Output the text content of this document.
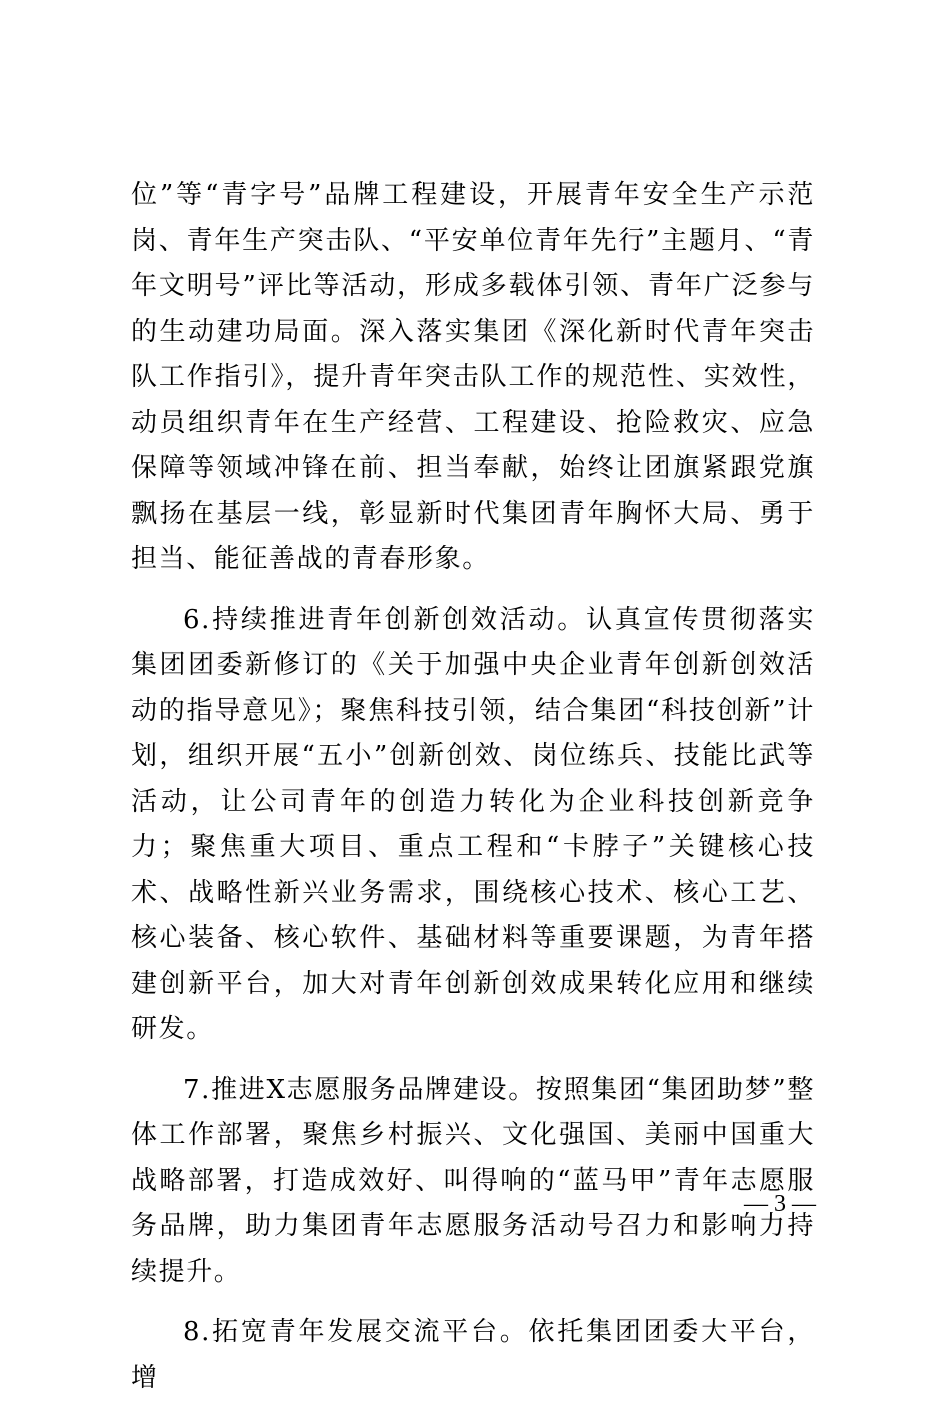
位”等“青字号”品牌工程建设，开展青年安全生产示范岗、青年生产突击队、“平安单位青年先行”主题月、“青年文明号”评比等活动，形成多载体引领、青年广泛参与的生动建功局面。深入落实集团《深化新时代青年突击队工作指引》，提升青年突击队工作的规范性、实效性，动员组织青年在生产经营、工程建设、抢险救灾、应急保障等领域冲锋在前、担当奉献，始终让团旗紧跟党旗飘扬在基层一线，彰显新时代集团青年胸怀大局、勇于担当、能征善战的青春形象。

6.持续推进青年创新创效活动。认真宣传贯彻落实集团团委新修订的《关于加强中央企业青年创新创效活动的指导意见》；聚焦科技引领，结合集团“科技创新”计划，组织开展“五小”创新创效、岗位练兵、技能比武等活动，让公司青年的创造力转化为企业科技创新竞争力；聚焦重大项目、重点工程和“卡脖子”关键核心技术、战略性新兴业务需求，围绕核心技术、核心工艺、核心装备、核心软件、基础材料等重要课题，为青年搭建创新平台，加大对青年创新创效成果转化应用和继续研发。

7.推进X志愿服务品牌建设。按照集团“集团助梦”整体工作部署，聚焦乡村振兴、文化强国、美丽中国重大战略部署，打造成效好、叫得响的“蓝马甲”青年志愿服务品牌，助力集团青年志愿服务活动号召力和影响力持续提升。

8.拓宽青年发展交流平台。依托集团团委大平台，增

— 3 —
